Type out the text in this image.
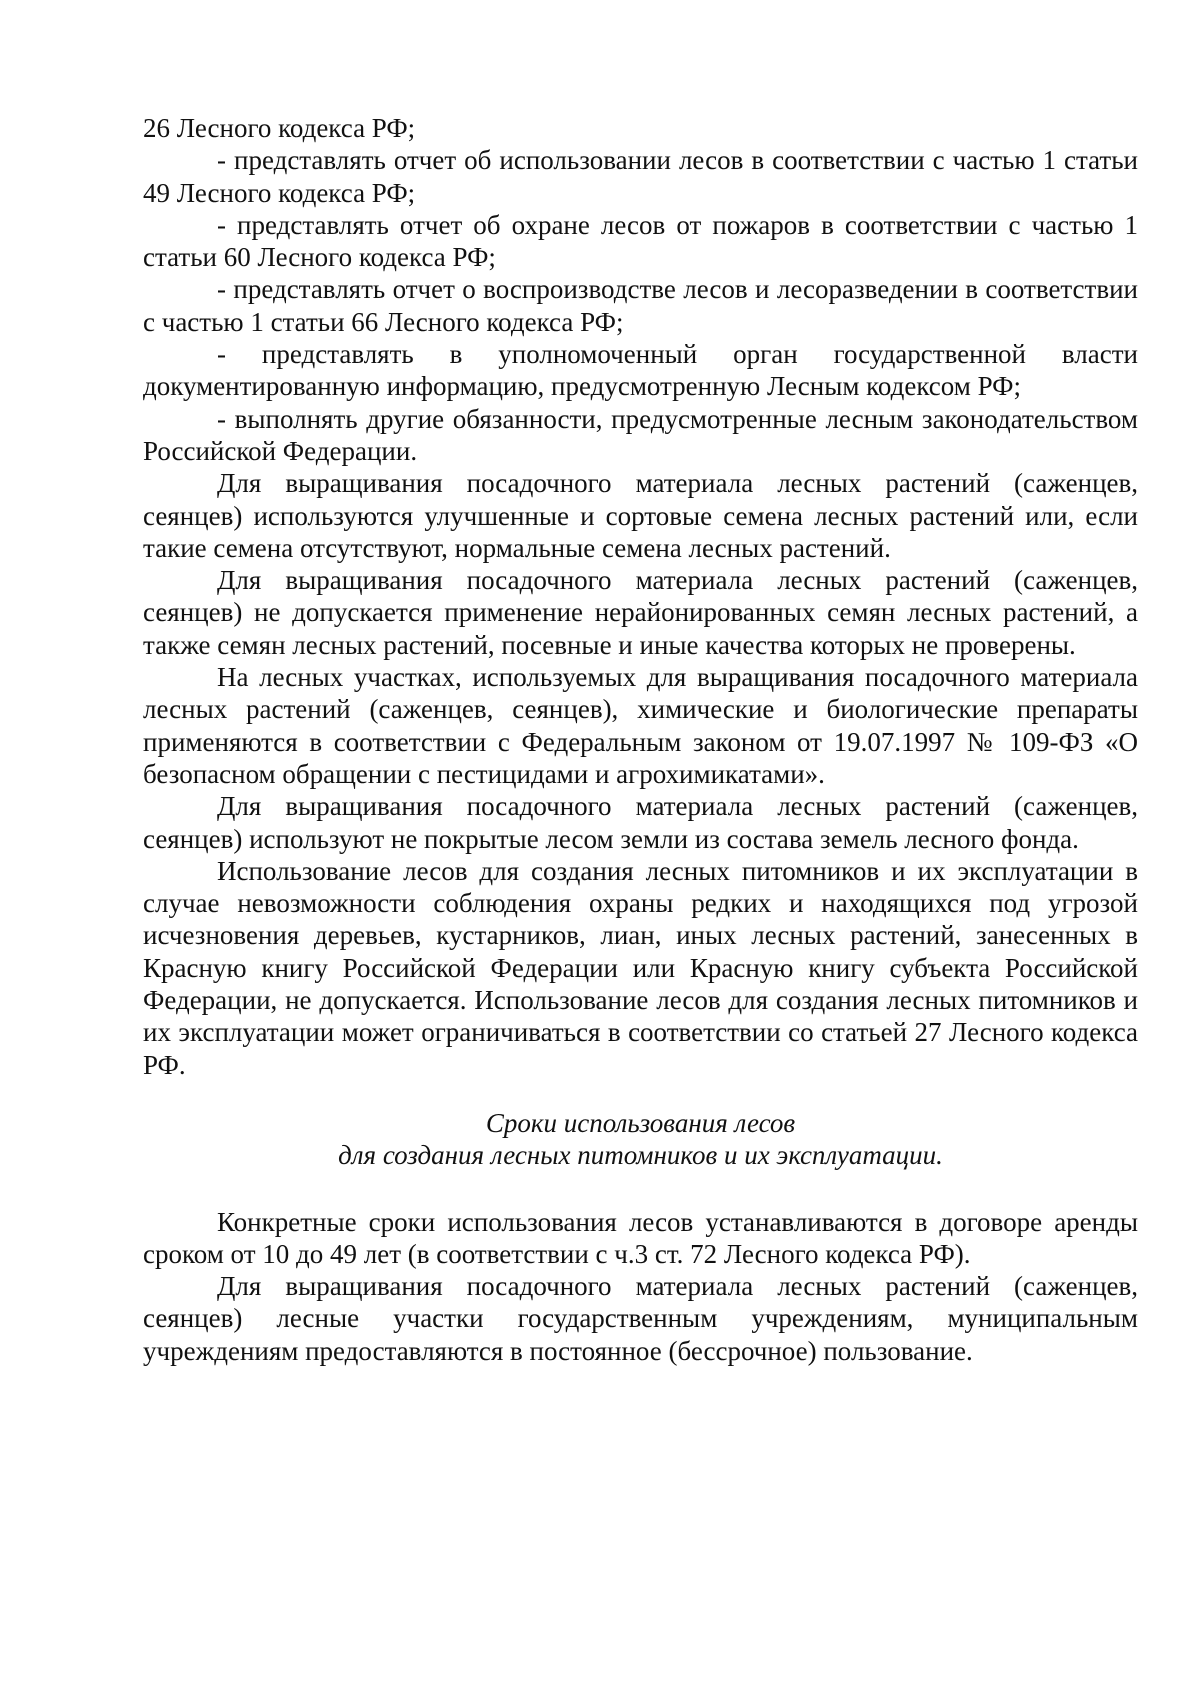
26 Лесного кодекса РФ;

- представлять отчет об использовании лесов в соответствии с частью 1 статьи 49 Лесного кодекса РФ;

- представлять отчет об охране лесов от пожаров в соответствии с частью 1 статьи 60 Лесного кодекса РФ;

- представлять отчет о воспроизводстве лесов и лесоразведении в соответствии с частью 1 статьи 66 Лесного кодекса РФ;

- представлять в уполномоченный орган государственной власти документированную информацию, предусмотренную Лесным кодексом РФ;

- выполнять другие обязанности, предусмотренные лесным законодательством Российской Федерации.

Для выращивания посадочного материала лесных растений (саженцев, сеянцев) используются улучшенные и сортовые семена лесных растений или, если такие семена отсутствуют, нормальные семена лесных растений.

Для выращивания посадочного материала лесных растений (саженцев, сеянцев) не допускается применение нерайонированных семян лесных растений, а также семян лесных растений, посевные и иные качества которых не проверены.

На лесных участках, используемых для выращивания посадочного материала лесных растений (саженцев, сеянцев), химические и биологические препараты применяются в соответствии с Федеральным законом от 19.07.1997 № 109-ФЗ «О безопасном обращении с пестицидами и агрохимикатами».

Для выращивания посадочного материала лесных растений (саженцев, сеянцев) используют не покрытые лесом земли из состава земель лесного фонда.

Использование лесов для создания лесных питомников и их эксплуатации в случае невозможности соблюдения охраны редких и находящихся под угрозой исчезновения деревьев, кустарников, лиан, иных лесных растений, занесенных в Красную книгу Российской Федерации или Красную книгу субъекта Российской Федерации, не допускается. Использование лесов для создания лесных питомников и их эксплуатации может ограничиваться в соответствии со статьей 27 Лесного кодекса РФ.

Сроки использования лесов
для создания лесных питомников и их эксплуатации.

Конкретные сроки использования лесов устанавливаются в договоре аренды сроком от 10 до 49 лет (в соответствии с ч.3 ст. 72 Лесного кодекса РФ).

Для выращивания посадочного материала лесных растений (саженцев, сеянцев) лесные участки государственным учреждениям, муниципальным учреждениям предоставляются в постоянное (бессрочное) пользование.
